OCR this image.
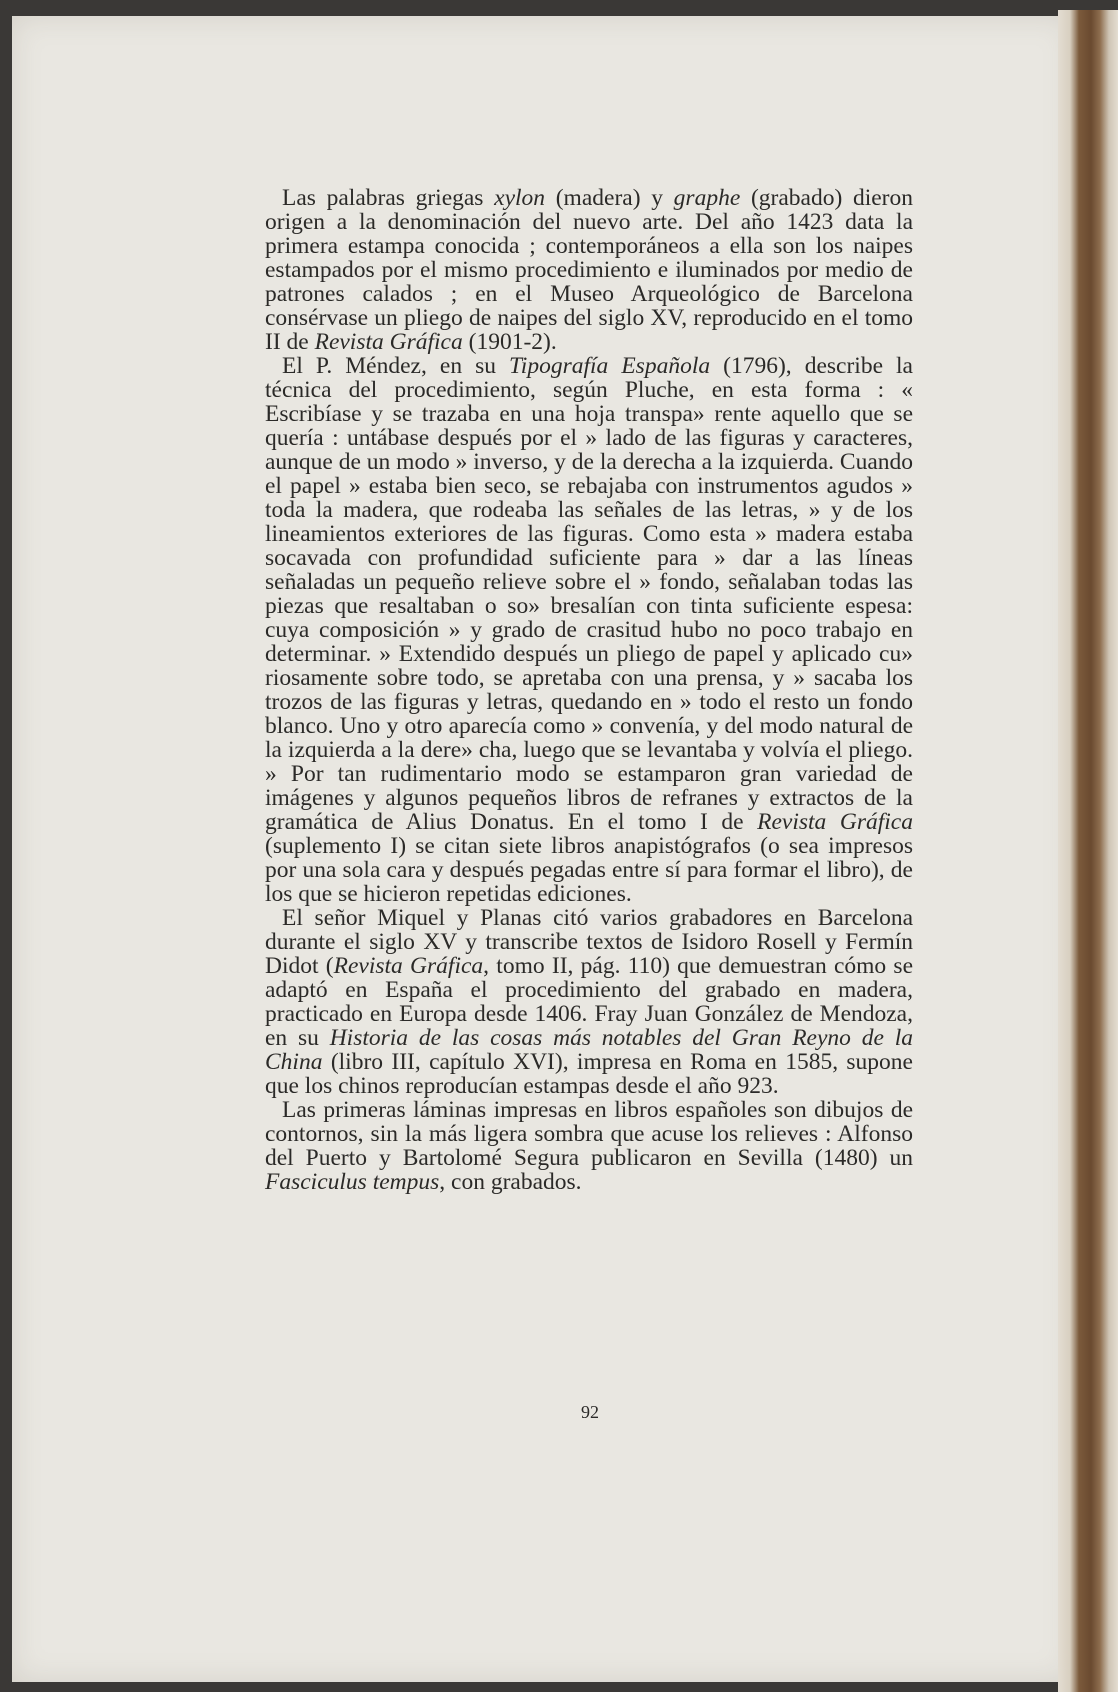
Las palabras griegas xylon (madera) y graphe (grabado) dieron origen a la denominación del nuevo arte. Del año 1423 data la primera estampa conocida ; contemporáneos a ella son los naipes estampados por el mismo procedimiento e iluminados por medio de patrones calados ; en el Museo Arqueológico de Barcelona consérvase un pliego de naipes del siglo XV, reproducido en el tomo II de Revista Gráfica (1901-2).

El P. Méndez, en su Tipografía Española (1796), describe la técnica del procedimiento, según Pluche, en esta forma : « Escribíase y se trazaba en una hoja transpa» rente aquello que se quería : untábase después por el » lado de las figuras y caracteres, aunque de un modo » inverso, y de la derecha a la izquierda. Cuando el papel » estaba bien seco, se rebajaba con instrumentos agudos » toda la madera, que rodeaba las señales de las letras, » y de los lineamientos exteriores de las figuras. Como esta » madera estaba socavada con profundidad suficiente para » dar a las líneas señaladas un pequeño relieve sobre el » fondo, señalaban todas las piezas que resaltaban o so» bresalían con tinta suficiente espesa: cuya composición » y grado de crasitud hubo no poco trabajo en determinar. » Extendido después un pliego de papel y aplicado cu» riosamente sobre todo, se apretaba con una prensa, y » sacaba los trozos de las figuras y letras, quedando en » todo el resto un fondo blanco. Uno y otro aparecía como » convenía, y del modo natural de la izquierda a la dere» cha, luego que se levantaba y volvía el pliego. » Por tan rudimentario modo se estamparon gran variedad de imágenes y algunos pequeños libros de refranes y extractos de la gramática de Alius Donatus. En el tomo I de Revista Gráfica (suplemento I) se citan siete libros anapistógrafos (o sea impresos por una sola cara y después pegadas entre sí para formar el libro), de los que se hicieron repetidas ediciones.

El señor Miquel y Planas citó varios grabadores en Barcelona durante el siglo XV y transcribe textos de Isidoro Rosell y Fermín Didot (Revista Gráfica, tomo II, pág. 110) que demuestran cómo se adaptó en España el procedimiento del grabado en madera, practicado en Europa desde 1406. Fray Juan González de Mendoza, en su Historia de las cosas más notables del Gran Reyno de la China (libro III, capítulo XVI), impresa en Roma en 1585, supone que los chinos reproducían estampas desde el año 923.

Las primeras láminas impresas en libros españoles son dibujos de contornos, sin la más ligera sombra que acuse los relieves : Alfonso del Puerto y Bartolomé Segura publicaron en Sevilla (1480) un Fasciculus tempus, con grabados.

92
